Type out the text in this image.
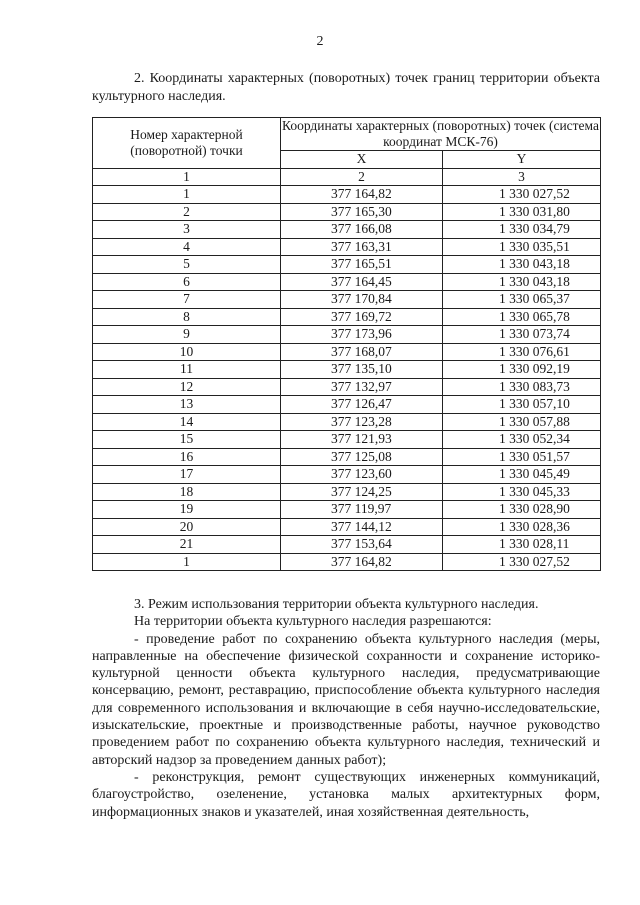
2

2. Координаты характерных (поворотных) точек границ территории объекта культурного наследия.

Номер характерной (поворотной) точки	Координаты характерных (поворотных) точек (система координат МСК-76)	
	X	Y
1	2	3
1	377 164,82	1 330 027,52
2	377 165,30	1 330 031,80
3	377 166,08	1 330 034,79
4	377 163,31	1 330 035,51
5	377 165,51	1 330 043,18
6	377 164,45	1 330 043,18
7	377 170,84	1 330 065,37
8	377 169,72	1 330 065,78
9	377 173,96	1 330 073,74
10	377 168,07	1 330 076,61
11	377 135,10	1 330 092,19
12	377 132,97	1 330 083,73
13	377 126,47	1 330 057,10
14	377 123,28	1 330 057,88
15	377 121,93	1 330 052,34
16	377 125,08	1 330 051,57
17	377 123,60	1 330 045,49
18	377 124,25	1 330 045,33
19	377 119,97	1 330 028,90
20	377 144,12	1 330 028,36
21	377 153,64	1 330 028,11
1	377 164,82	1 330 027,52

3. Режим использования территории объекта культурного наследия.

На территории объекта культурного наследия разрешаются:

- проведение работ по сохранению объекта культурного наследия (меры, направленные на обеспечение физической сохранности и сохранение историко-культурной ценности объекта культурного наследия, предусматривающие консервацию, ремонт, реставрацию, приспособление объекта культурного наследия для современного использования и включающие в себя научно-исследовательские, изыскательские, проектные и производственные работы, научное руководство проведением работ по сохранению объекта культурного наследия, технический и авторский надзор за проведением данных работ);

- реконструкция, ремонт существующих инженерных коммуникаций, благоустройство, озеленение, установка малых архитектурных форм, информационных знаков и указателей, иная хозяйственная деятельность,
